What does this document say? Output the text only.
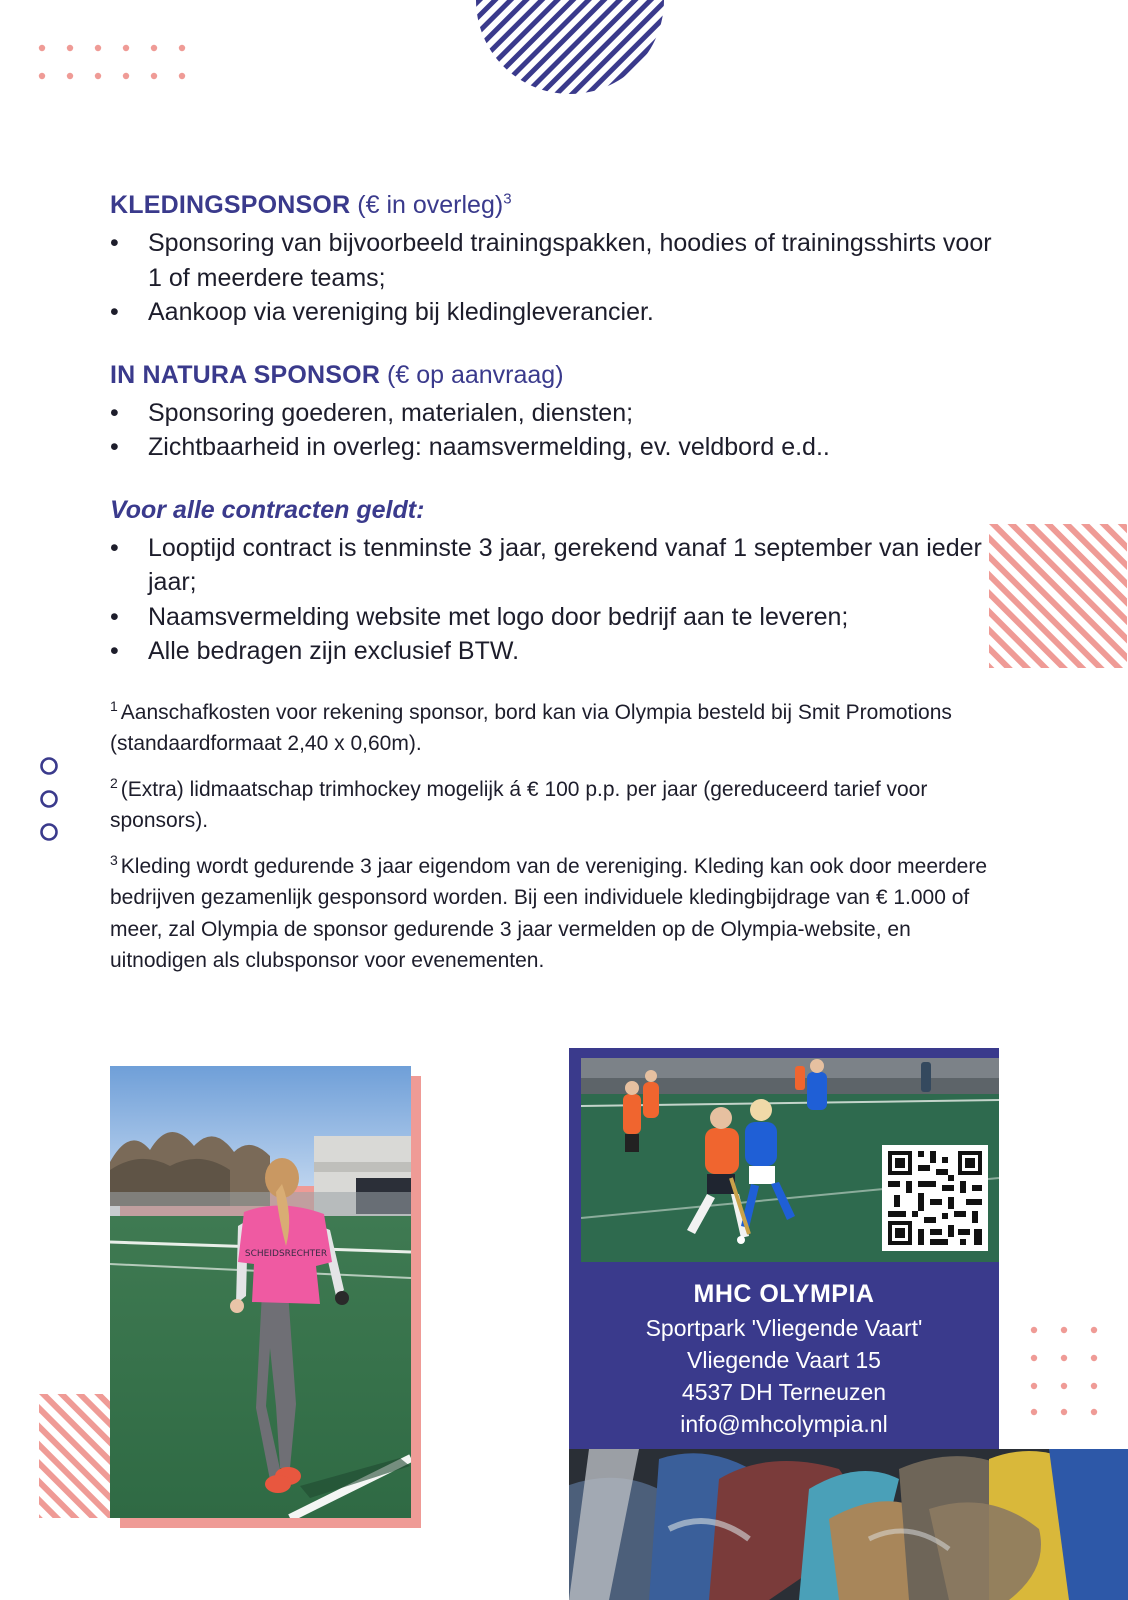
KLEDINGSPONSOR (€ in overleg)$^3$
•	Sponsoring van bijvoorbeeld trainingspakken, hoodies of trainingsshirts voor 1 of meerdere teams;
•	Aankoop via vereniging bij kledingleverancier.
IN NATURA SPONSOR (€ op aanvraag)
•	Sponsoring goederen, materialen, diensten;
•	Zichtbaarheid in overleg: naamsvermelding, ev. veldbord e.d..
Voor alle contracten geldt:
•	Looptijd contract is tenminste 3 jaar, gerekend vanaf 1 september van ieder jaar;
•	Naamsvermelding website met logo door bedrijf aan te leveren;
•	Alle bedragen zijn exclusief BTW.

$^1$ Aanschafkosten voor rekening sponsor, bord kan via Olympia besteld bij Smit Promotions (standaardformaat 2,40 x 0,60m).

$^2$ (Extra) lidmaatschap trimhockey mogelijk á € 100 p.p. per jaar (gereduceerd tarief voor sponsors).

$^3$ Kleding wordt gedurende 3 jaar eigendom van de vereniging. Kleding kan ook door meerdere bedrijven gezamenlijk gesponsord worden. Bij een individuele kledingbijdrage van € 1.000 of meer, zal Olympia de sponsor gedurende 3 jaar vermelden op de Olympia-website, en uitnodigen als clubsponsor voor evenementen.

SCHEIDSRECHTER
MHC OLYMPIA
Sportpark 'Vliegende Vaart'
Vliegende Vaart 15
4537 DH Terneuzen
info@mhcolympia.nl
